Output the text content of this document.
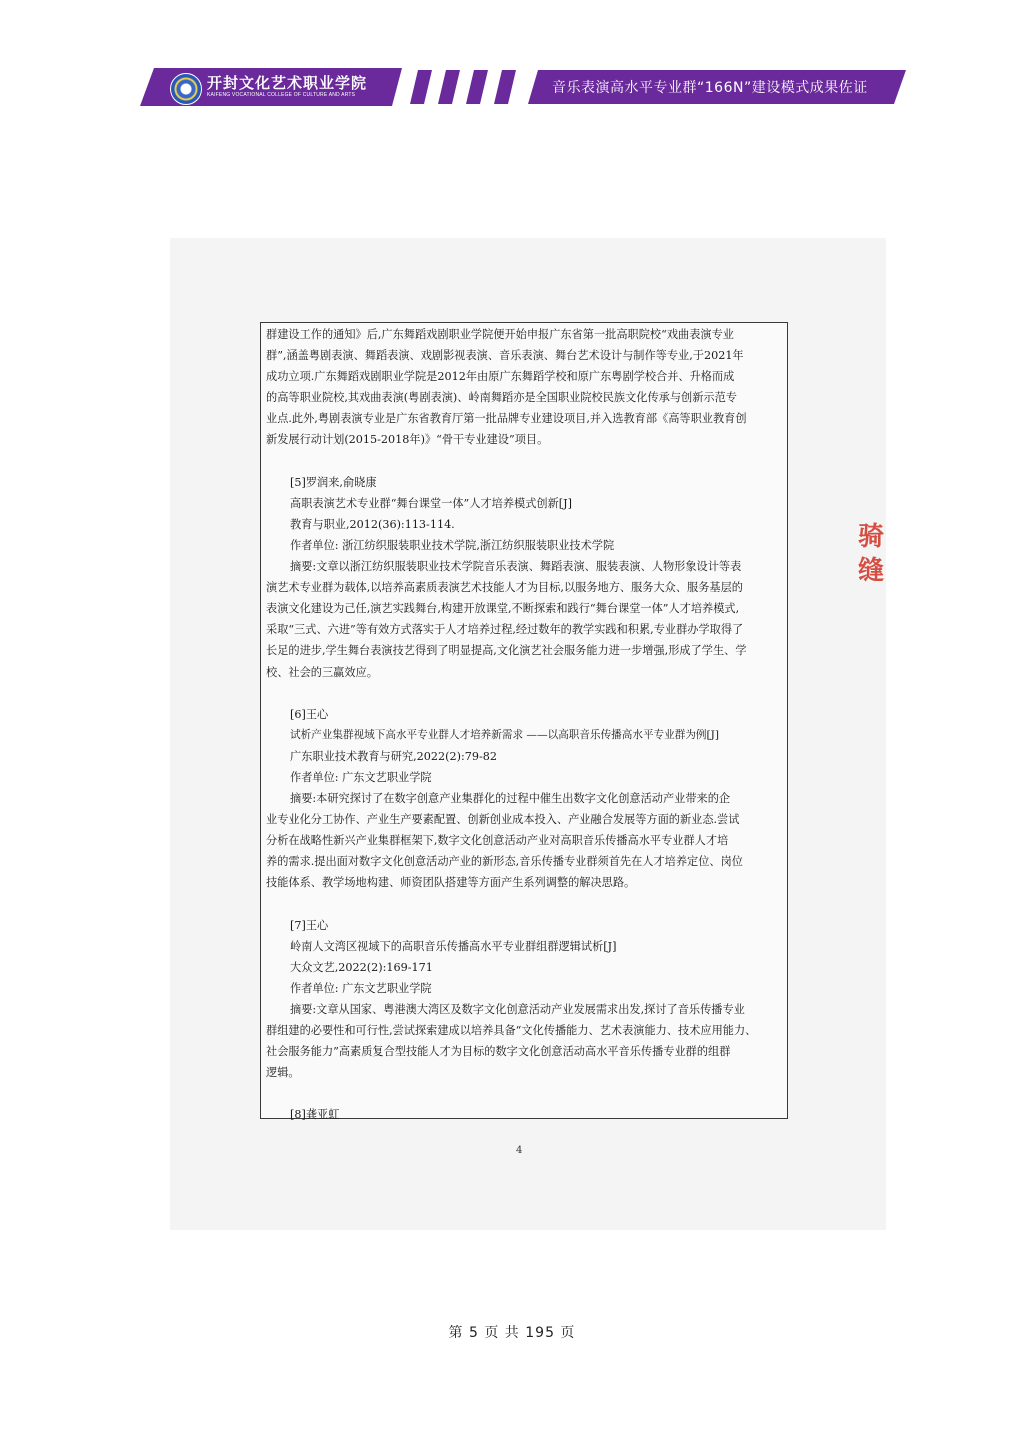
开封文化艺术职业学院
KAIFENG VOCATIONAL COLLEGE OF CULTURE AND ARTS	音乐表演高水平专业群“166N”建设模式成果佐证

群建设工作的通知》后,广东舞蹈戏剧职业学院便开始申报广东省第一批高职院校“戏曲表演专业

群”,涵盖粤剧表演、舞蹈表演、戏剧影视表演、音乐表演、舞台艺术设计与制作等专业,于2021年

成功立项.广东舞蹈戏剧职业学院是2012年由原广东舞蹈学校和原广东粤剧学校合并、升格而成

的高等职业院校,其戏曲表演(粤剧表演)、岭南舞蹈亦是全国职业院校民族文化传承与创新示范专

业点.此外,粤剧表演专业是广东省教育厅第一批品牌专业建设项目,并入选教育部《高等职业教育创

新发展行动计划(2015-2018年)》“骨干专业建设”项目。

[5]罗润来,俞晓康

高职表演艺术专业群“舞台课堂一体”人才培养模式创新[J]

教育与职业,2012(36):113-114.

作者单位: 浙江纺织服装职业技术学院,浙江纺织服装职业技术学院

摘要:文章以浙江纺织服装职业技术学院音乐表演、舞蹈表演、服装表演、人物形象设计等表

演艺术专业群为载体,以培养高素质表演艺术技能人才为目标,以服务地方、服务大众、服务基层的

表演文化建设为己任,演艺实践舞台,构建开放课堂,不断探索和践行“舞台课堂一体”人才培养模式,

采取“三式、六进”等有效方式落实于人才培养过程,经过数年的教学实践和积累,专业群办学取得了

长足的进步,学生舞台表演技艺得到了明显提高,文化演艺社会服务能力进一步增强,形成了学生、学

校、社会的三赢效应。

[6]王心

试析产业集群视域下高水平专业群人才培养新需求 ——以高职音乐传播高水平专业群为例[J]

广东职业技术教育与研究,2022(2):79-82

作者单位: 广东文艺职业学院

摘要:本研究探讨了在数字创意产业集群化的过程中催生出数字文化创意活动产业带来的企

业专业化分工协作、产业生产要素配置、创新创业成本投入、产业融合发展等方面的新业态.尝试

分析在战略性新兴产业集群框架下,数字文化创意活动产业对高职音乐传播高水平专业群人才培

养的需求.提出面对数字文化创意活动产业的新形态,音乐传播专业群须首先在人才培养定位、岗位

技能体系、教学场地构建、师资团队搭建等方面产生系列调整的解决思路。

[7]王心

岭南人文湾区视域下的高职音乐传播高水平专业群组群逻辑试析[J]

大众文艺,2022(2):169-171

作者单位: 广东文艺职业学院

摘要:文章从国家、粤港澳大湾区及数字文化创意活动产业发展需求出发,探讨了音乐传播专业

群组建的必要性和可行性,尝试探索建成以培养具备“文化传播能力、艺术表演能力、技术应用能力、

社会服务能力”高素质复合型技能人才为目标的数字文化创意活动高水平音乐传播专业群的组群

逻辑。

[8]龚亚虹

4
骑
缝
第 5 页 共 195 页
